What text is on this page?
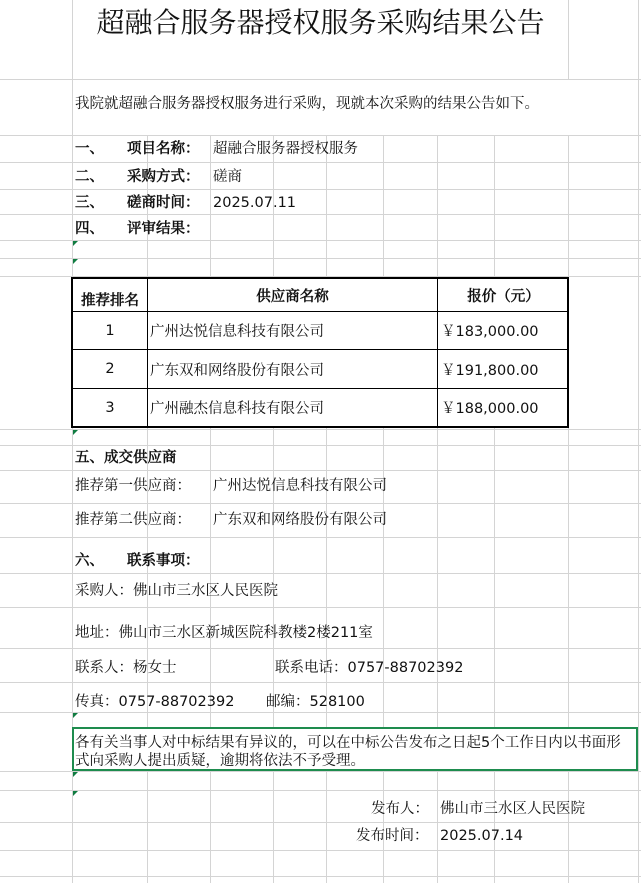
超融合服务器授权服务采购结果公告
我院就超融合服务器授权服务进行采购，现就本次采购的结果公告如下。
一、 项目名称： 超融合服务器授权服务
二、 采购方式： 磋商
三、 磋商时间： 2025.07.11
四、 评审结果：
推荐排名	供应商名称	报价（元）
1	广州达悦信息科技有限公司	￥183,000.00
2	广东双和网络股份有限公司	￥191,800.00
3	广州融杰信息科技有限公司	￥188,000.00
五、成交供应商
推荐第一供应商： 广州达悦信息科技有限公司
推荐第二供应商： 广东双和网络股份有限公司
六、 联系事项：
采购人：佛山市三水区人民医院
地址：佛山市三水区新城医院科教楼2楼211室
联系人：杨女士	联系电话：0757-88702392
传真：0757-88702392 邮编：528100
各有关当事人对中标结果有异议的，可以在中标公告发布之日起5个工作日内以书面形式向采购人提出质疑，逾期将依法不予受理。
发布人： 佛山市三水区人民医院
发布时间： 2025.07.14
